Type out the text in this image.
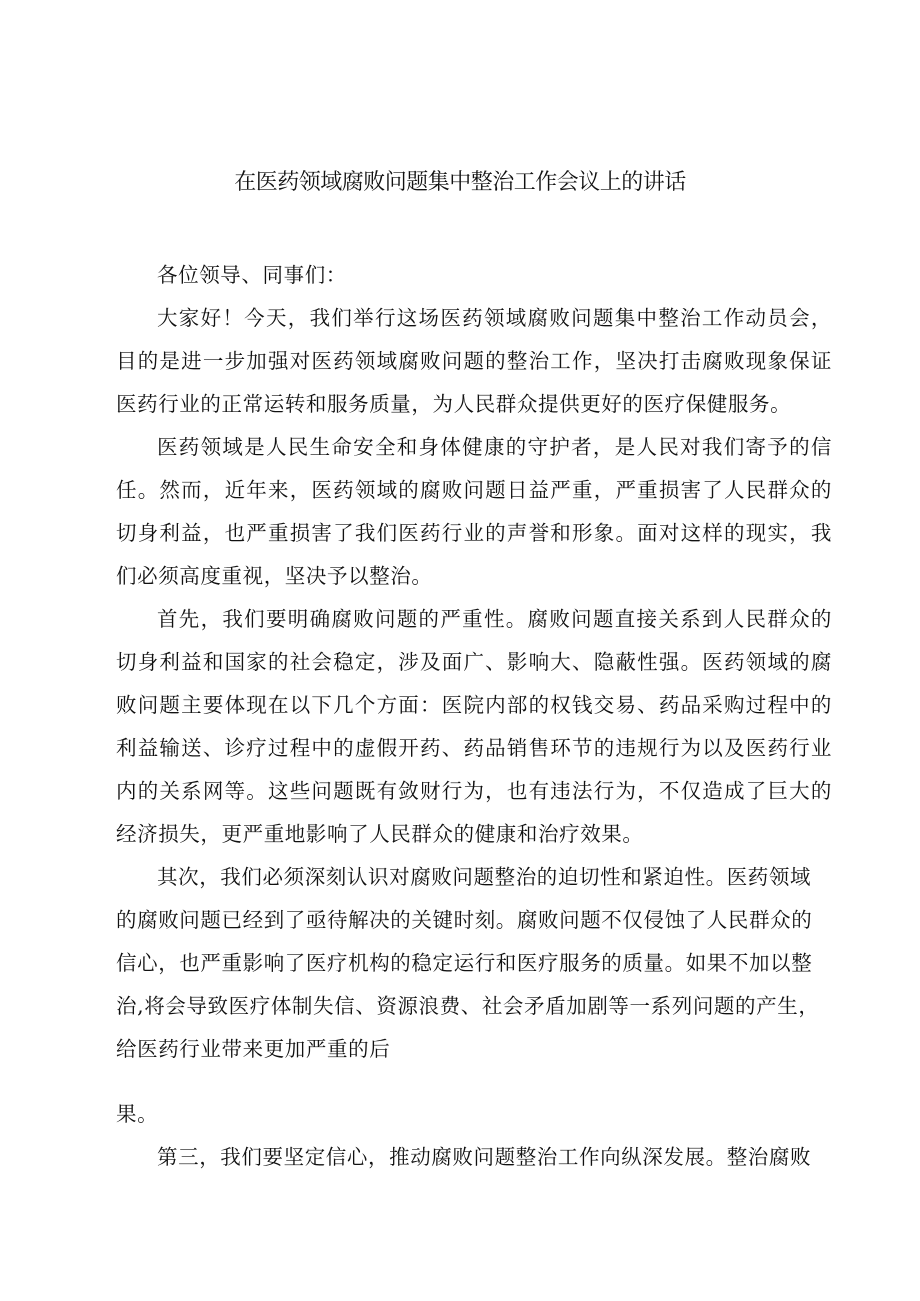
在医药领域腐败问题集中整治工作会议上的讲话

各位领导、同事们：

大家好！今天，我们举行这场医药领域腐败问题集中整治工作动员会，目的是进一步加强对医药领域腐败问题的整治工作，坚决打击腐败现象保证医药行业的正常运转和服务质量，为人民群众提供更好的医疗保健服务。

医药领域是人民生命安全和身体健康的守护者，是人民对我们寄予的信任。然而，近年来，医药领域的腐败问题日益严重，严重损害了人民群众的切身利益，也严重损害了我们医药行业的声誉和形象。面对这样的现实，我们必须高度重视，坚决予以整治。

首先，我们要明确腐败问题的严重性。腐败问题直接关系到人民群众的切身利益和国家的社会稳定，涉及面广、影响大、隐蔽性强。医药领域的腐败问题主要体现在以下几个方面：医院内部的权钱交易、药品采购过程中的利益输送、诊疗过程中的虚假开药、药品销售环节的违规行为以及医药行业内的关系网等。这些问题既有敛财行为，也有违法行为，不仅造成了巨大的经济损失，更严重地影响了人民群众的健康和治疗效果。

其次，我们必须深刻认识对腐败问题整治的迫切性和紧迫性。医药领域的腐败问题已经到了亟待解决的关键时刻。腐败问题不仅侵蚀了人民群众的信心，也严重影响了医疗机构的稳定运行和医疗服务的质量。如果不加以整治,将会导致医疗体制失信、资源浪费、社会矛盾加剧等一系列问题的产生，给医药行业带来更加严重的后

果。

第三，我们要坚定信心，推动腐败问题整治工作向纵深发展。整治腐败
